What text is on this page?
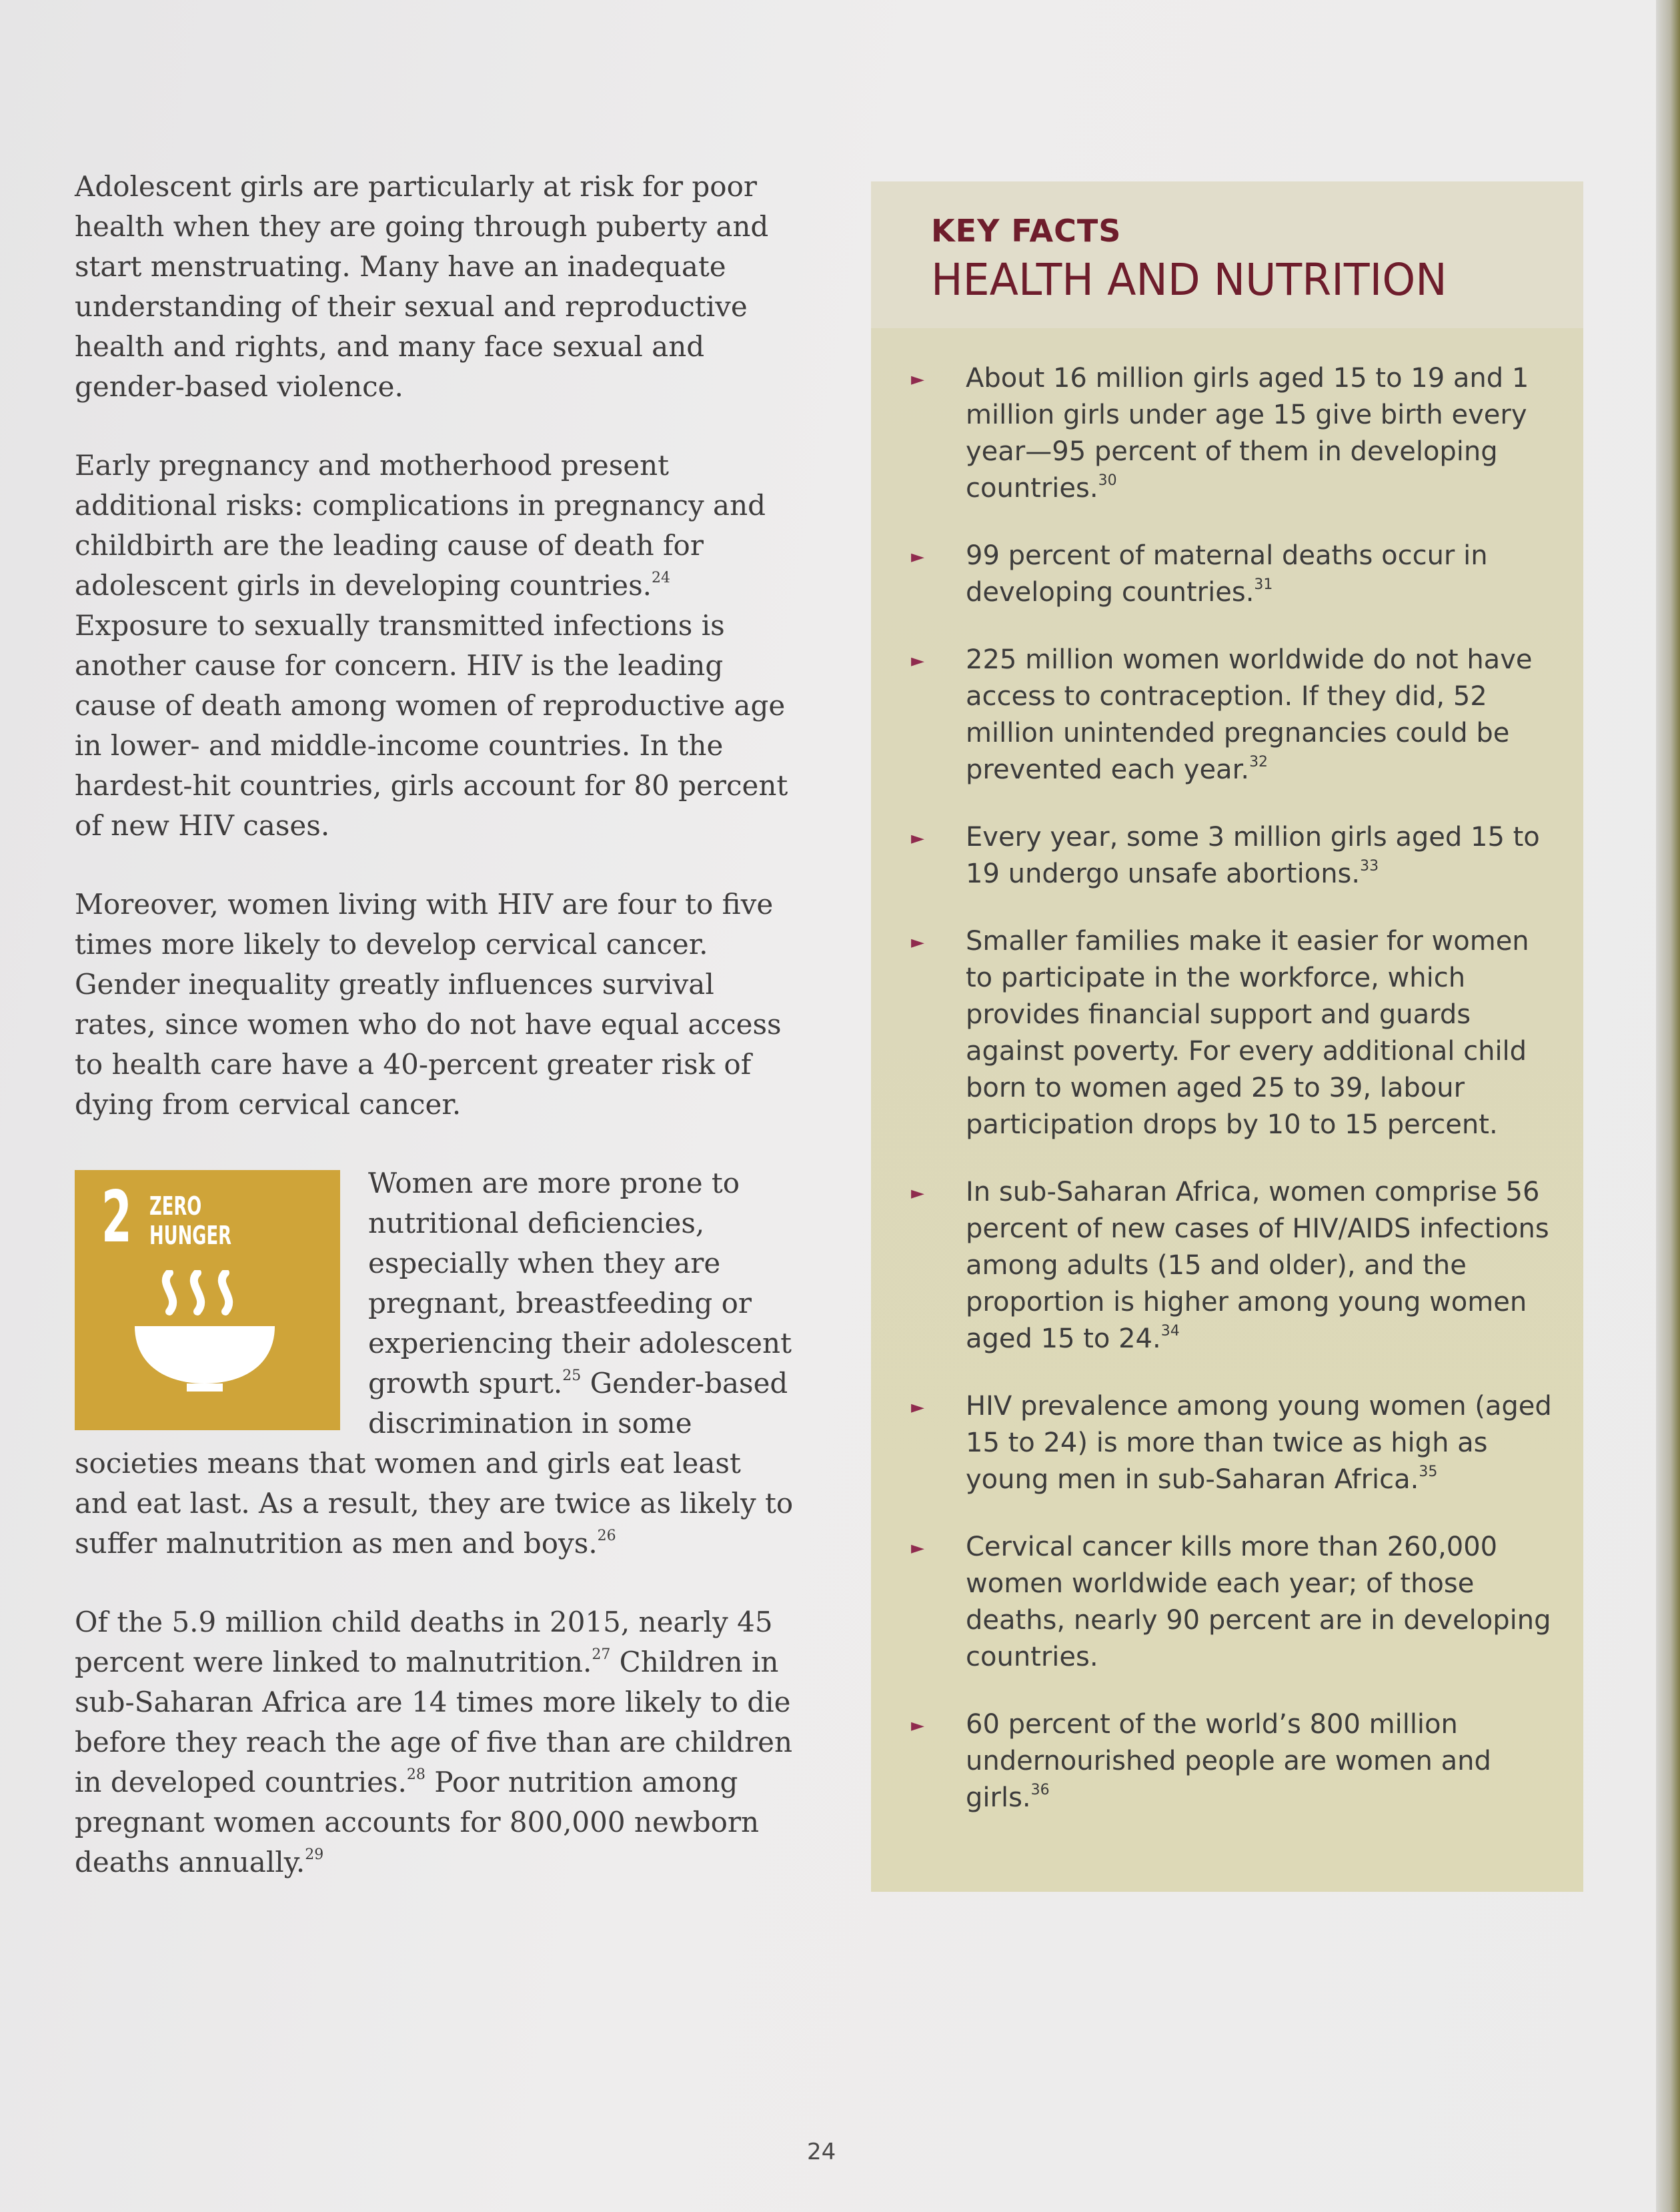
Adolescent girls are particularly at risk for poor health when they are going through puberty and start menstruating. Many have an inadequate understanding of their sexual and reproductive health and rights, and many face sexual and gender-based violence.

Early pregnancy and motherhood present additional risks: complications in pregnancy and childbirth are the leading cause of death for adolescent girls in developing countries.$^{24}$ Exposure to sexually transmitted infections is another cause for concern. HIV is the leading cause of death among women of reproductive age in lower- and middle-income countries. In the hardest-hit countries, girls account for 80 percent of new HIV cases.

Moreover, women living with HIV are four to five times more likely to develop cervical cancer. Gender inequality greatly influences survival rates, since women who do not have equal access to health care have a 40-percent greater risk of dying from cervical cancer.

2 ZERO
HUNGER
Women are more prone to nutritional deficiencies, especially when they are pregnant, breastfeeding or experiencing their adolescent growth spurt.$^{25}$ Gender-based discrimination in some societies means that women and girls eat least and eat last. As a result, they are twice as likely to suffer malnutrition as men and boys.$^{26}$

Of the 5.9 million child deaths in 2015, nearly 45 percent were linked to malnutrition.$^{27}$ Children in sub-Saharan Africa are 14 times more likely to die before they reach the age of five than are children in developed countries.$^{28}$ Poor nutrition among pregnant women accounts for 800,000 newborn deaths annually.$^{29}$

KEY FACTS
HEALTH AND NUTRITION
► About 16 million girls aged 15 to 19 and 1 million girls under age 15 give birth every year—95 percent of them in developing countries.$^{30}$
► 99 percent of maternal deaths occur in developing countries.$^{31}$
► 225 million women worldwide do not have access to contraception. If they did, 52 million unintended pregnancies could be prevented each year.$^{32}$
► Every year, some 3 million girls aged 15 to 19 undergo unsafe abortions.$^{33}$
► Smaller families make it easier for women to participate in the workforce, which provides financial support and guards against poverty. For every additional child born to women aged 25 to 39, labour participation drops by 10 to 15 percent.
► In sub-Saharan Africa, women comprise 56 percent of new cases of HIV/AIDS infections among adults (15 and older), and the proportion is higher among young women aged 15 to 24.34
► HIV prevalence among young women (aged 15 to 24) is more than twice as high as young men in sub-Saharan Africa.$^{35}$
► Cervical cancer kills more than 260,000 women worldwide each year; of those deaths, nearly 90 percent are in developing countries.
► 60 percent of the world’s 800 million undernourished people are women and girls.$^{36}$
24
